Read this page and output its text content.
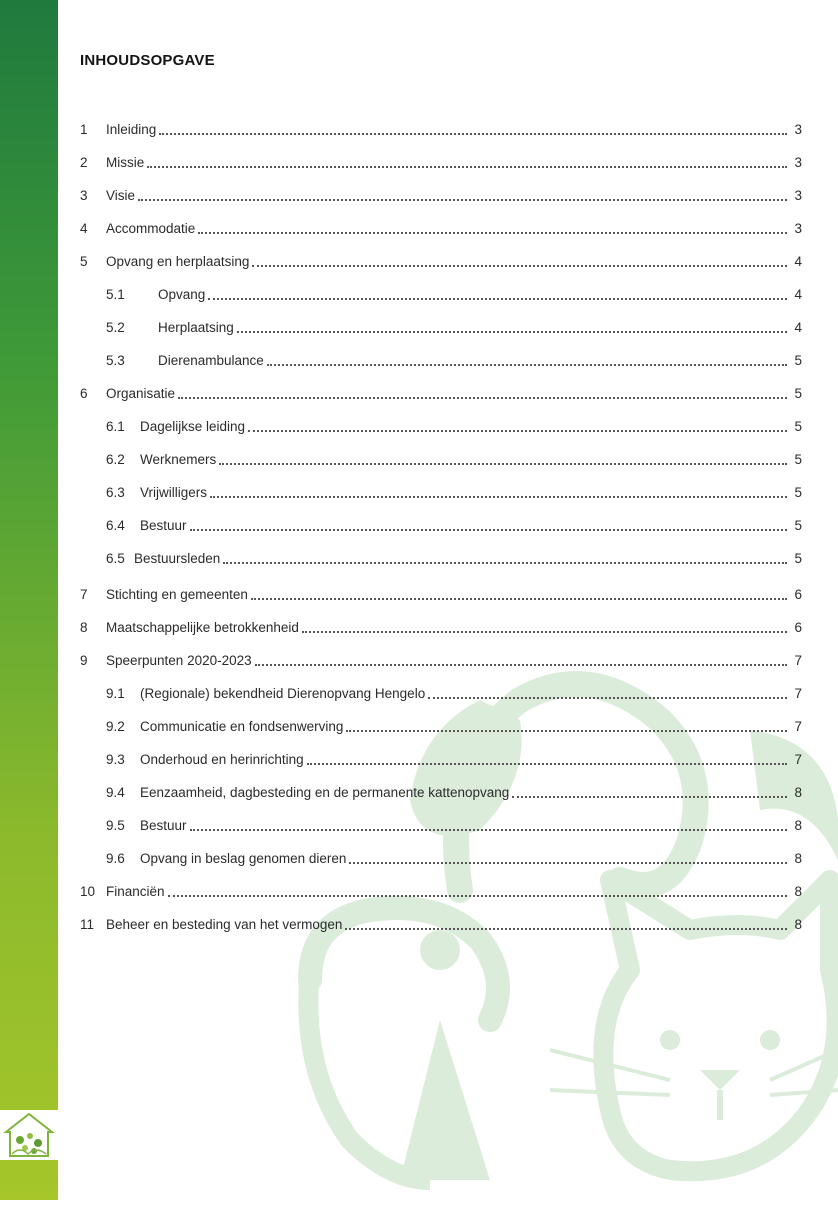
INHOUDSOPGAVE
1	Inleiding	3
2	Missie	3
3	Visie	3
4	Accommodatie	3
5	Opvang en herplaatsing	4
5.1	Opvang	4
5.2	Herplaatsing	4
5.3	Dierenambulance	5
6	Organisatie	5
6.1	Dagelijkse leiding	5
6.2	Werknemers	5
6.3	Vrijwilligers	5
6.4	Bestuur	5
6.5 Bestuursleden	5
7	Stichting en gemeenten	6
8	Maatschappelijke betrokkenheid	6
9	Speerpunten 2020-2023	7
9.1	(Regionale) bekendheid Dierenopvang Hengelo	7
9.2	Communicatie en fondsenwerving	7
9.3	Onderhoud en herinrichting	7
9.4	Eenzaamheid, dagbesteding en de permanente kattenopvang	8
9.5	Bestuur	8
9.6	Opvang in beslag genomen dieren	8
10 Financiën	8
11 Beheer en besteding van het vermogen	8
